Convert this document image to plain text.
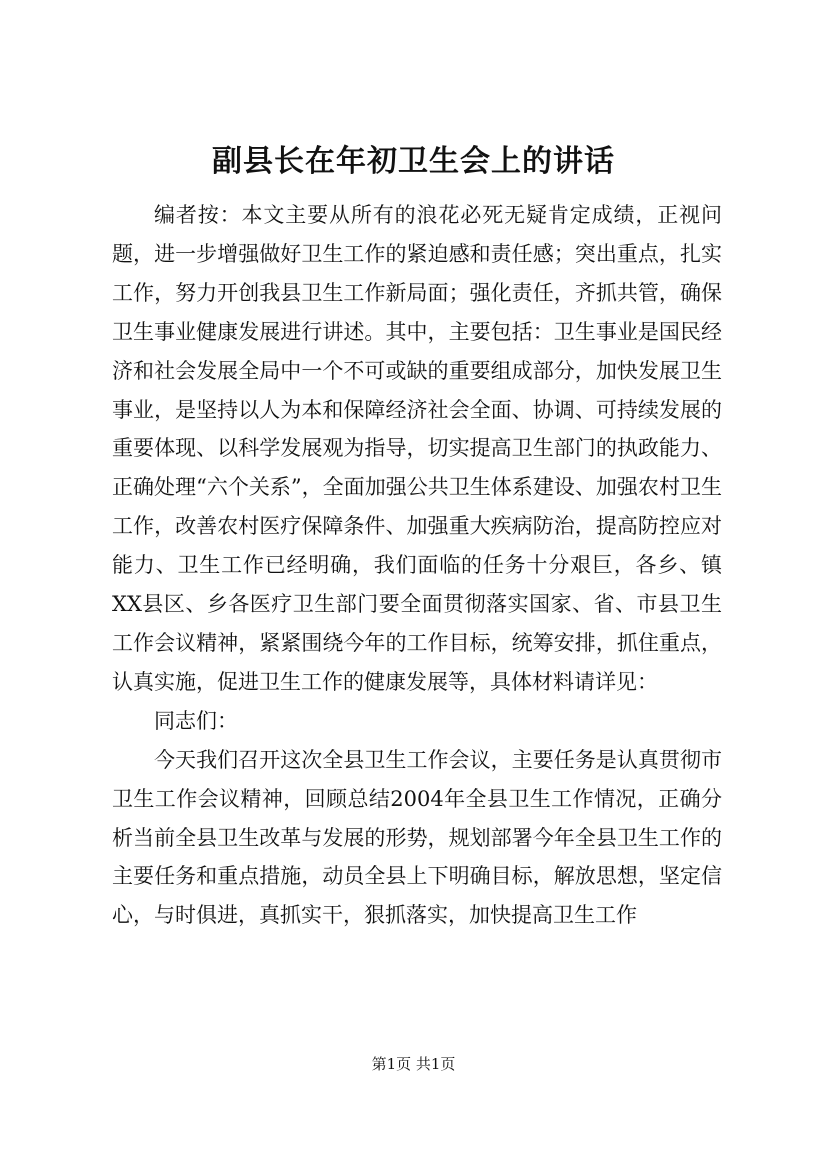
副县长在年初卫生会上的讲话

编者按：本文主要从所有的浪花必死无疑肯定成绩，正视问题，进一步增强做好卫生工作的紧迫感和责任感；突出重点，扎实工作，努力开创我县卫生工作新局面；强化责任，齐抓共管，确保卫生事业健康发展进行讲述。其中，主要包括：卫生事业是国民经济和社会发展全局中一个不可或缺的重要组成部分，加快发展卫生事业，是坚持以人为本和保障经济社会全面、协调、可持续发展的重要体现、以科学发展观为指导，切实提高卫生部门的执政能力、正确处理“六个关系”，全面加强公共卫生体系建设、加强农村卫生工作，改善农村医疗保障条件、加强重大疾病防治，提高防控应对能力、卫生工作已经明确，我们面临的任务十分艰巨，各乡、镇XX县区、乡各医疗卫生部门要全面贯彻落实国家、省、市县卫生工作会议精神，紧紧围绕今年的工作目标，统筹安排，抓住重点，认真实施，促进卫生工作的健康发展等，具体材料请详见：

同志们：

今天我们召开这次全县卫生工作会议，主要任务是认真贯彻市卫生工作会议精神，回顾总结2004年全县卫生工作情况，正确分析当前全县卫生改革与发展的形势，规划部署今年全县卫生工作的主要任务和重点措施，动员全县上下明确目标，解放思想，坚定信心，与时俱进，真抓实干，狠抓落实，加快提高卫生工作

第1页 共1页
